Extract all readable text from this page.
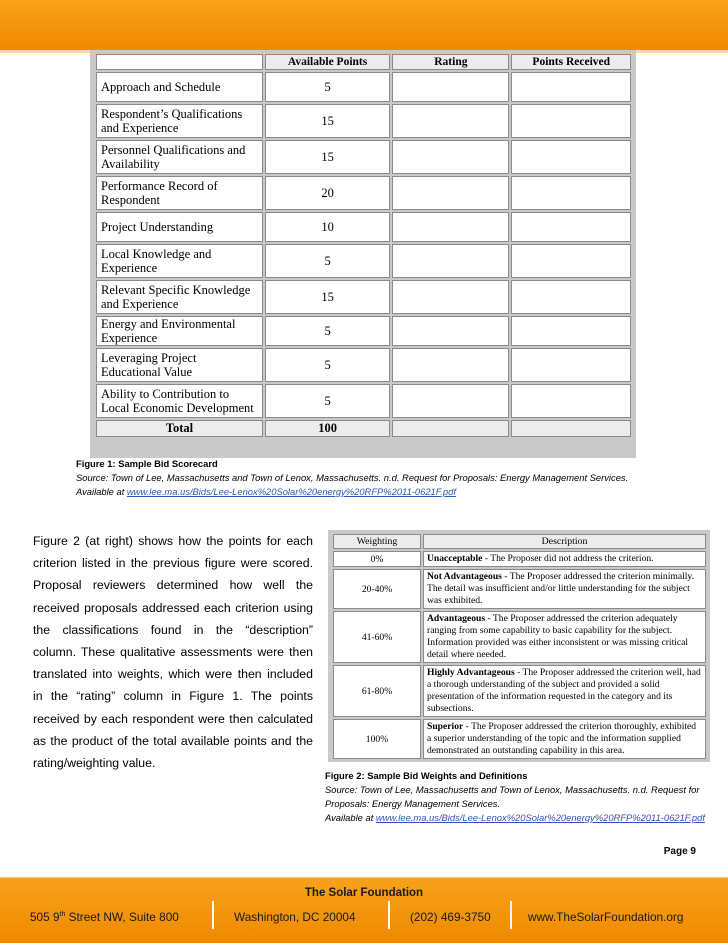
	Available Points	Rating	Points Received
Approach and Schedule	5		
Respondent’s Qualifications and Experience	15		
Personnel Qualifications and Availability	15		
Performance Record of Respondent	20		
Project Understanding	10		
Local Knowledge and Experience	5		
Relevant Specific Knowledge and Experience	15		
Energy and Environmental Experience	5		
Leveraging Project Educational Value	5		
Ability to Contribution to Local Economic Development	5		
Total	100		
Figure 1: Sample Bid Scorecard
Source: Town of Lee, Massachusetts and Town of Lenox, Massachusetts. n.d. Request for Proposals: Energy Management Services.
Available at www.lee.ma.us/Bids/Lee-Lenox%20Solar%20energy%20RFP%2011-0621F.pdf

Figure 2 (at right) shows how the points for each criterion listed in the previous figure were scored. Proposal reviewers determined how well the received proposals addressed each criterion using the classifications found in the “description” column. These qualitative assessments were then translated into weights, which were then included in the “rating” column in Figure 1. The points received by each respondent were then calculated as the product of the total available points and the rating/weighting value.

Weighting	Description
0%	Unacceptable - The Proposer did not address the criterion.
20-40%	Not Advantageous - The Proposer addressed the criterion minimally. The detail was insufficient and/or little understanding for the subject was exhibited.
41-60%	Advantageous - The Proposer addressed the criterion adequately ranging from some capability to basic capability for the subject. Information provided was either inconsistent or was missing critical detail where needed.
61-80%	Highly Advantageous - The Proposer addressed the criterion well, had a thorough understanding of the subject and provided a solid presentation of the information requested in the category and its subsections.
100%	Superior - The Proposer addressed the criterion thoroughly, exhibited a superior understanding of the topic and the information supplied demonstrated an outstanding capability in this area.
Figure 2: Sample Bid Weights and Definitions
Source: Town of Lee, Massachusetts and Town of Lenox, Massachusetts. n.d. Request for Proposals: Energy Management Services.
Available at www.lee.ma.us/Bids/Lee-Lenox%20Solar%20energy%20RFP%2011-0621F.pdf
Page 9
The Solar Foundation
505 9th Street NW, Suite 800	Washington, DC 20004	(202) 469-3750	www.TheSolarFoundation.org
